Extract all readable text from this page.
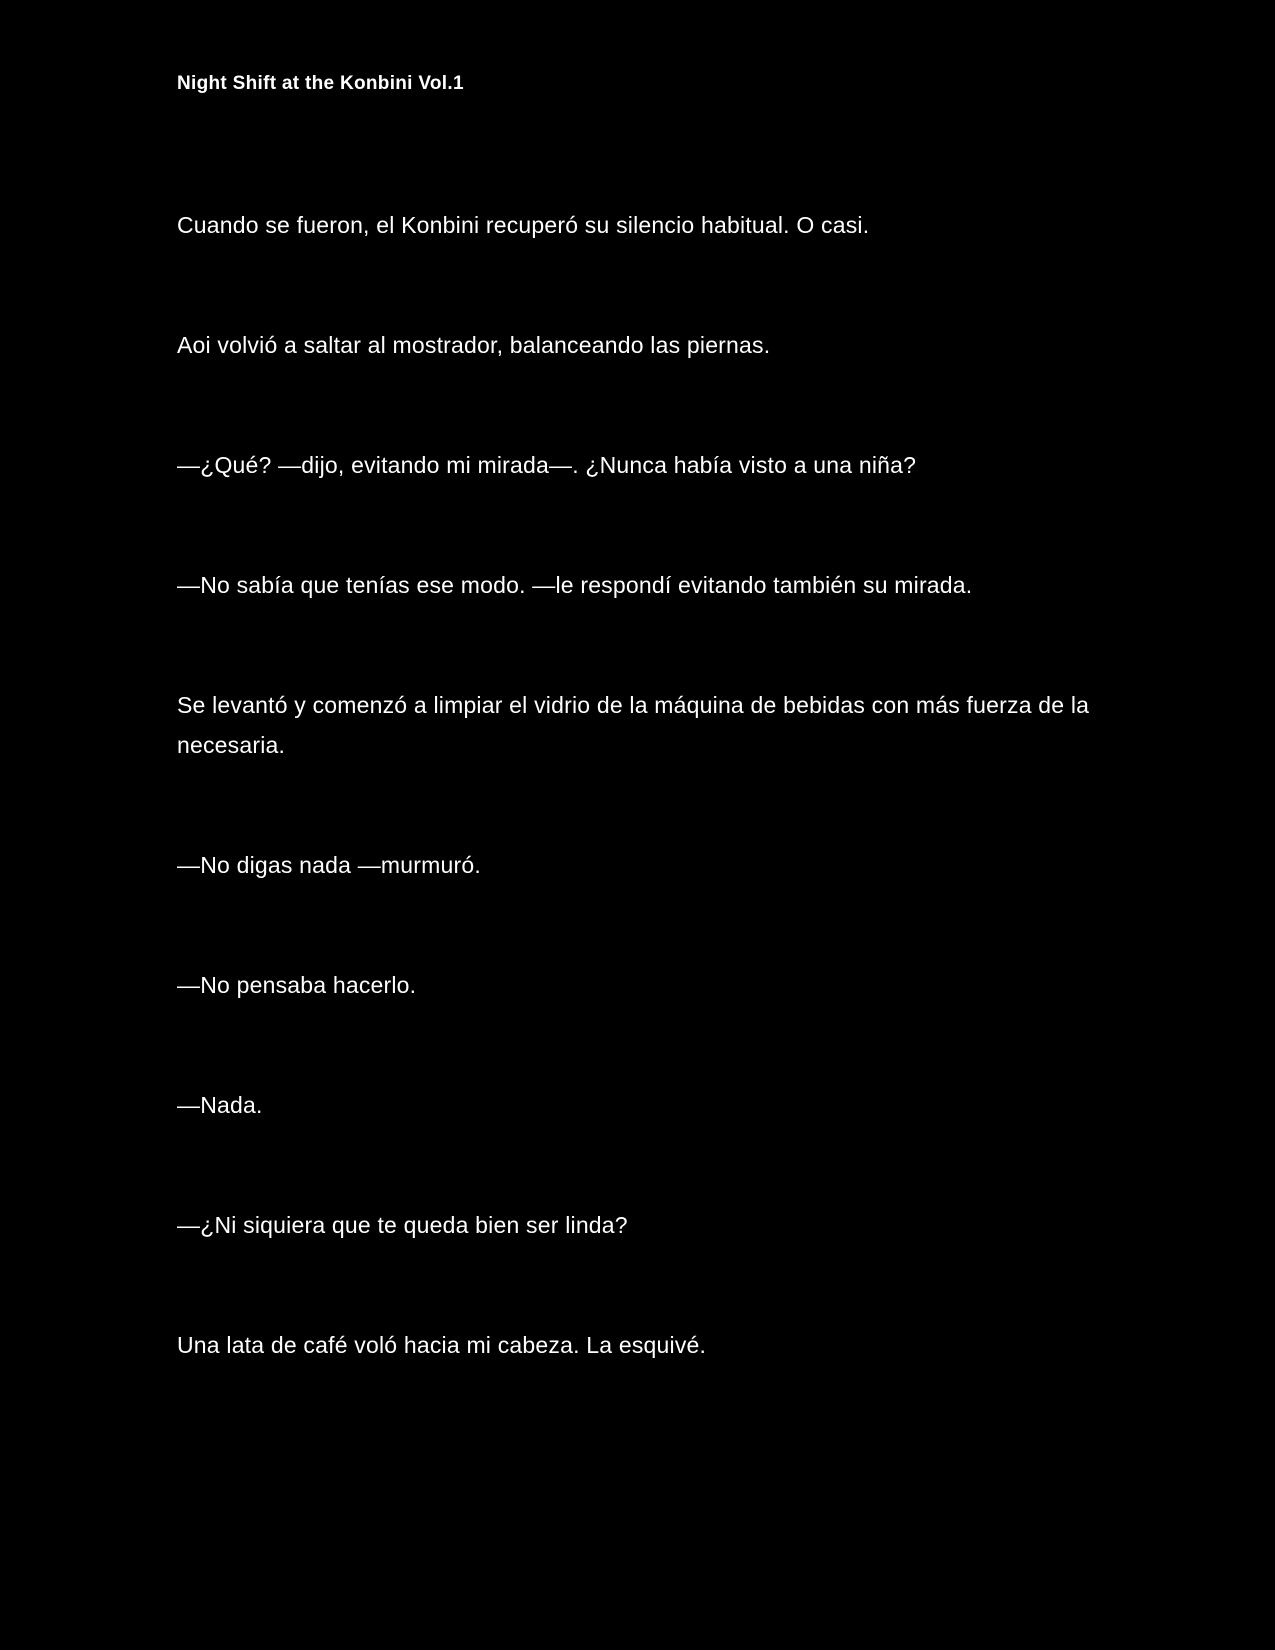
Night Shift at the Konbini Vol.1

Cuando se fueron, el Konbini recuperó su silencio habitual. O casi.

Aoi volvió a saltar al mostrador, balanceando las piernas.

—¿Qué? —dijo, evitando mi mirada—. ¿Nunca había visto a una niña?

—No sabía que tenías ese modo. —le respondí evitando también su mirada.

Se levantó y comenzó a limpiar el vidrio de la máquina de bebidas con más fuerza de la necesaria.

—No digas nada —murmuró.

—No pensaba hacerlo.

—Nada.

—¿Ni siquiera que te queda bien ser linda?

Una lata de café voló hacia mi cabeza. La esquivé.
